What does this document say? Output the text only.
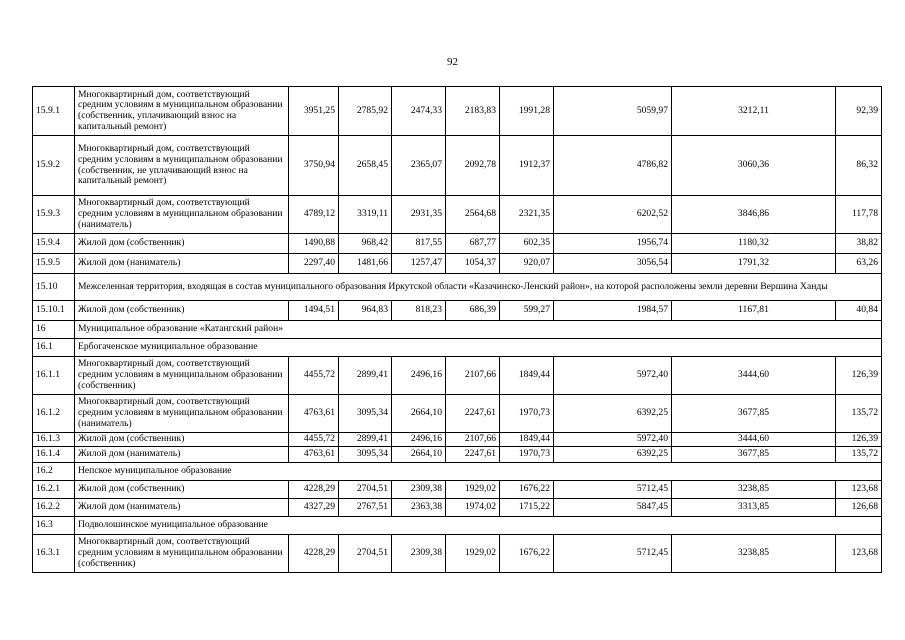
92
15.9.1	Многоквартирный дом, соответствующий средним условиям в муниципальном образовании (собственник, уплачивающий взнос на капитальный ремонт)	3951,25	2785,92	2474,33	2183,83	1991,28	5059,97	3212,11	92,39
15.9.2	Многоквартирный дом, соответствующий средним условиям в муниципальном образовании (собственник, не уплачивающий взнос на капитальный ремонт)	3750,94	2658,45	2365,07	2092,78	1912,37	4786,82	3060,36	86,32
15.9.3	Многоквартирный дом, соответствующий средним условиям в муниципальном образовании (наниматель)	4789,12	3319,11	2931,35	2564,68	2321,35	6202,52	3846,86	117,78
15.9.4	Жилой дом (собственник)	1490,88	968,42	817,55	687,77	602,35	1956,74	1180,32	38,82
15.9.5	Жилой дом (наниматель)	2297,40	1481,66	1257,47	1054,37	920,07	3056,54	1791,32	63,26
15.10	Межселенная территория, входящая в состав муниципального образования Иркутской области «Казачинско-Ленский район», на которой расположены земли деревни Вершина Ханды								
15.10.1	Жилой дом (собственник)	1494,51	964,83	818,23	686,39	599,27	1984,57	1167,81	40,84
16	Муниципальное образование «Катангский район»								
16.1	Ербогаченское муниципальное образование								
16.1.1	Многоквартирный дом, соответствующий средним условиям в муниципальном образовании (собственник)	4455,72	2899,41	2496,16	2107,66	1849,44	5972,40	3444,60	126,39
16.1.2	Многоквартирный дом, соответствующий средним условиям в муниципальном образовании (наниматель)	4763,61	3095,34	2664,10	2247,61	1970,73	6392,25	3677,85	135,72
16.1.3	Жилой дом (собственник)	4455,72	2899,41	2496,16	2107,66	1849,44	5972,40	3444,60	126,39
16.1.4	Жилой дом (наниматель)	4763,61	3095,34	2664,10	2247,61	1970,73	6392,25	3677,85	135,72
16.2	Непское муниципальное образование								
16.2.1	Жилой дом (собственник)	4228,29	2704,51	2309,38	1929,02	1676,22	5712,45	3238,85	123,68
16.2.2	Жилой дом (наниматель)	4327,29	2767,51	2363,38	1974,02	1715,22	5847,45	3313,85	126,68
16.3	Подволошинское муниципальное образование								
16.3.1	Многоквартирный дом, соответствующий средним условиям в муниципальном образовании (собственник)	4228,29	2704,51	2309,38	1929,02	1676,22	5712,45	3238,85	123,68
